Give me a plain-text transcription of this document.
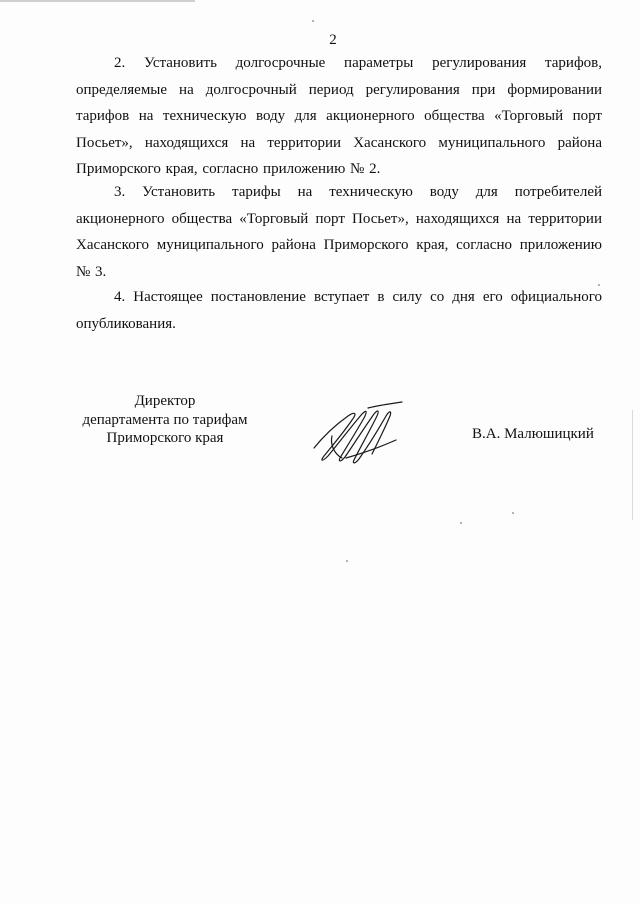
2

2. Установить долгосрочные параметры регулирования тарифов, определяемые на долгосрочный период регулирования при формировании тарифов на техническую воду для акционерного общества «Торговый порт Посьет», находящихся на территории Хасанского муниципального района Приморского края, согласно приложению № 2.

3. Установить тарифы на техническую воду для потребителей акционерного общества «Торговый порт Посьет», находящихся на территории Хасанского муниципального района Приморского края, согласно приложению № 3.

4. Настоящее постановление вступает в силу со дня его официального опубликования.

Директор
департамента по тарифам
Приморского края	В.А. Малюшицкий
